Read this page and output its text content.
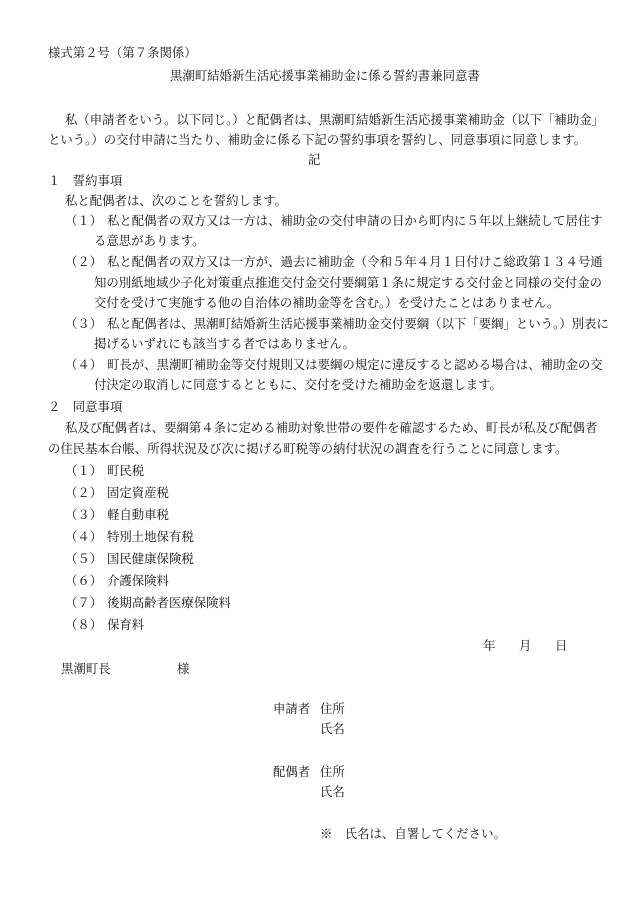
様式第２号（第７条関係）
黒潮町結婚新生活応援事業補助金に係る誓約書兼同意書
私（申請者をいう。以下同じ。）と配偶者は、黒潮町結婚新生活応援事業補助金（以下「補助金」
という。）の交付申請に当たり、補助金に係る下記の誓約事項を誓約し、同意事項に同意します。
記
１　誓約事項
私と配偶者は、次のことを誓約します。
（１） 私と配偶者の双方又は一方は、補助金の交付申請の日から町内に５年以上継続して居住す
る意思があります。
（２） 私と配偶者の双方又は一方が、過去に補助金（令和５年４月１日付けこ総政第１３４号通
知の別紙地域少子化対策重点推進交付金交付要綱第１条に規定する交付金と同様の交付金の
交付を受けて実施する他の自治体の補助金等を含む。）を受けたことはありません。
（３） 私と配偶者は、黒潮町結婚新生活応援事業補助金交付要綱（以下「要綱」という。）別表に
掲げるいずれにも該当する者ではありません。
（４） 町長が、黒潮町補助金等交付規則又は要綱の規定に違反すると認める場合は、補助金の交
付決定の取消しに同意するとともに、交付を受けた補助金を返還します。
２　同意事項
私及び配偶者は、要綱第４条に定める補助対象世帯の要件を確認するため、町長が私及び配偶者
の住民基本台帳、所得状況及び次に掲げる町税等の納付状況の調査を行うことに同意します。
（１） 町民税
（２） 固定資産税
（３） 軽自動車税
（４） 特別土地保有税
（５） 国民健康保険税
（６） 介護保険料
（７） 後期高齢者医療保険料
（８） 保育料
年 月 日
黒潮町長	様
申請者 住所
氏名
配偶者 住所
氏名
※　氏名は、自署してください。
